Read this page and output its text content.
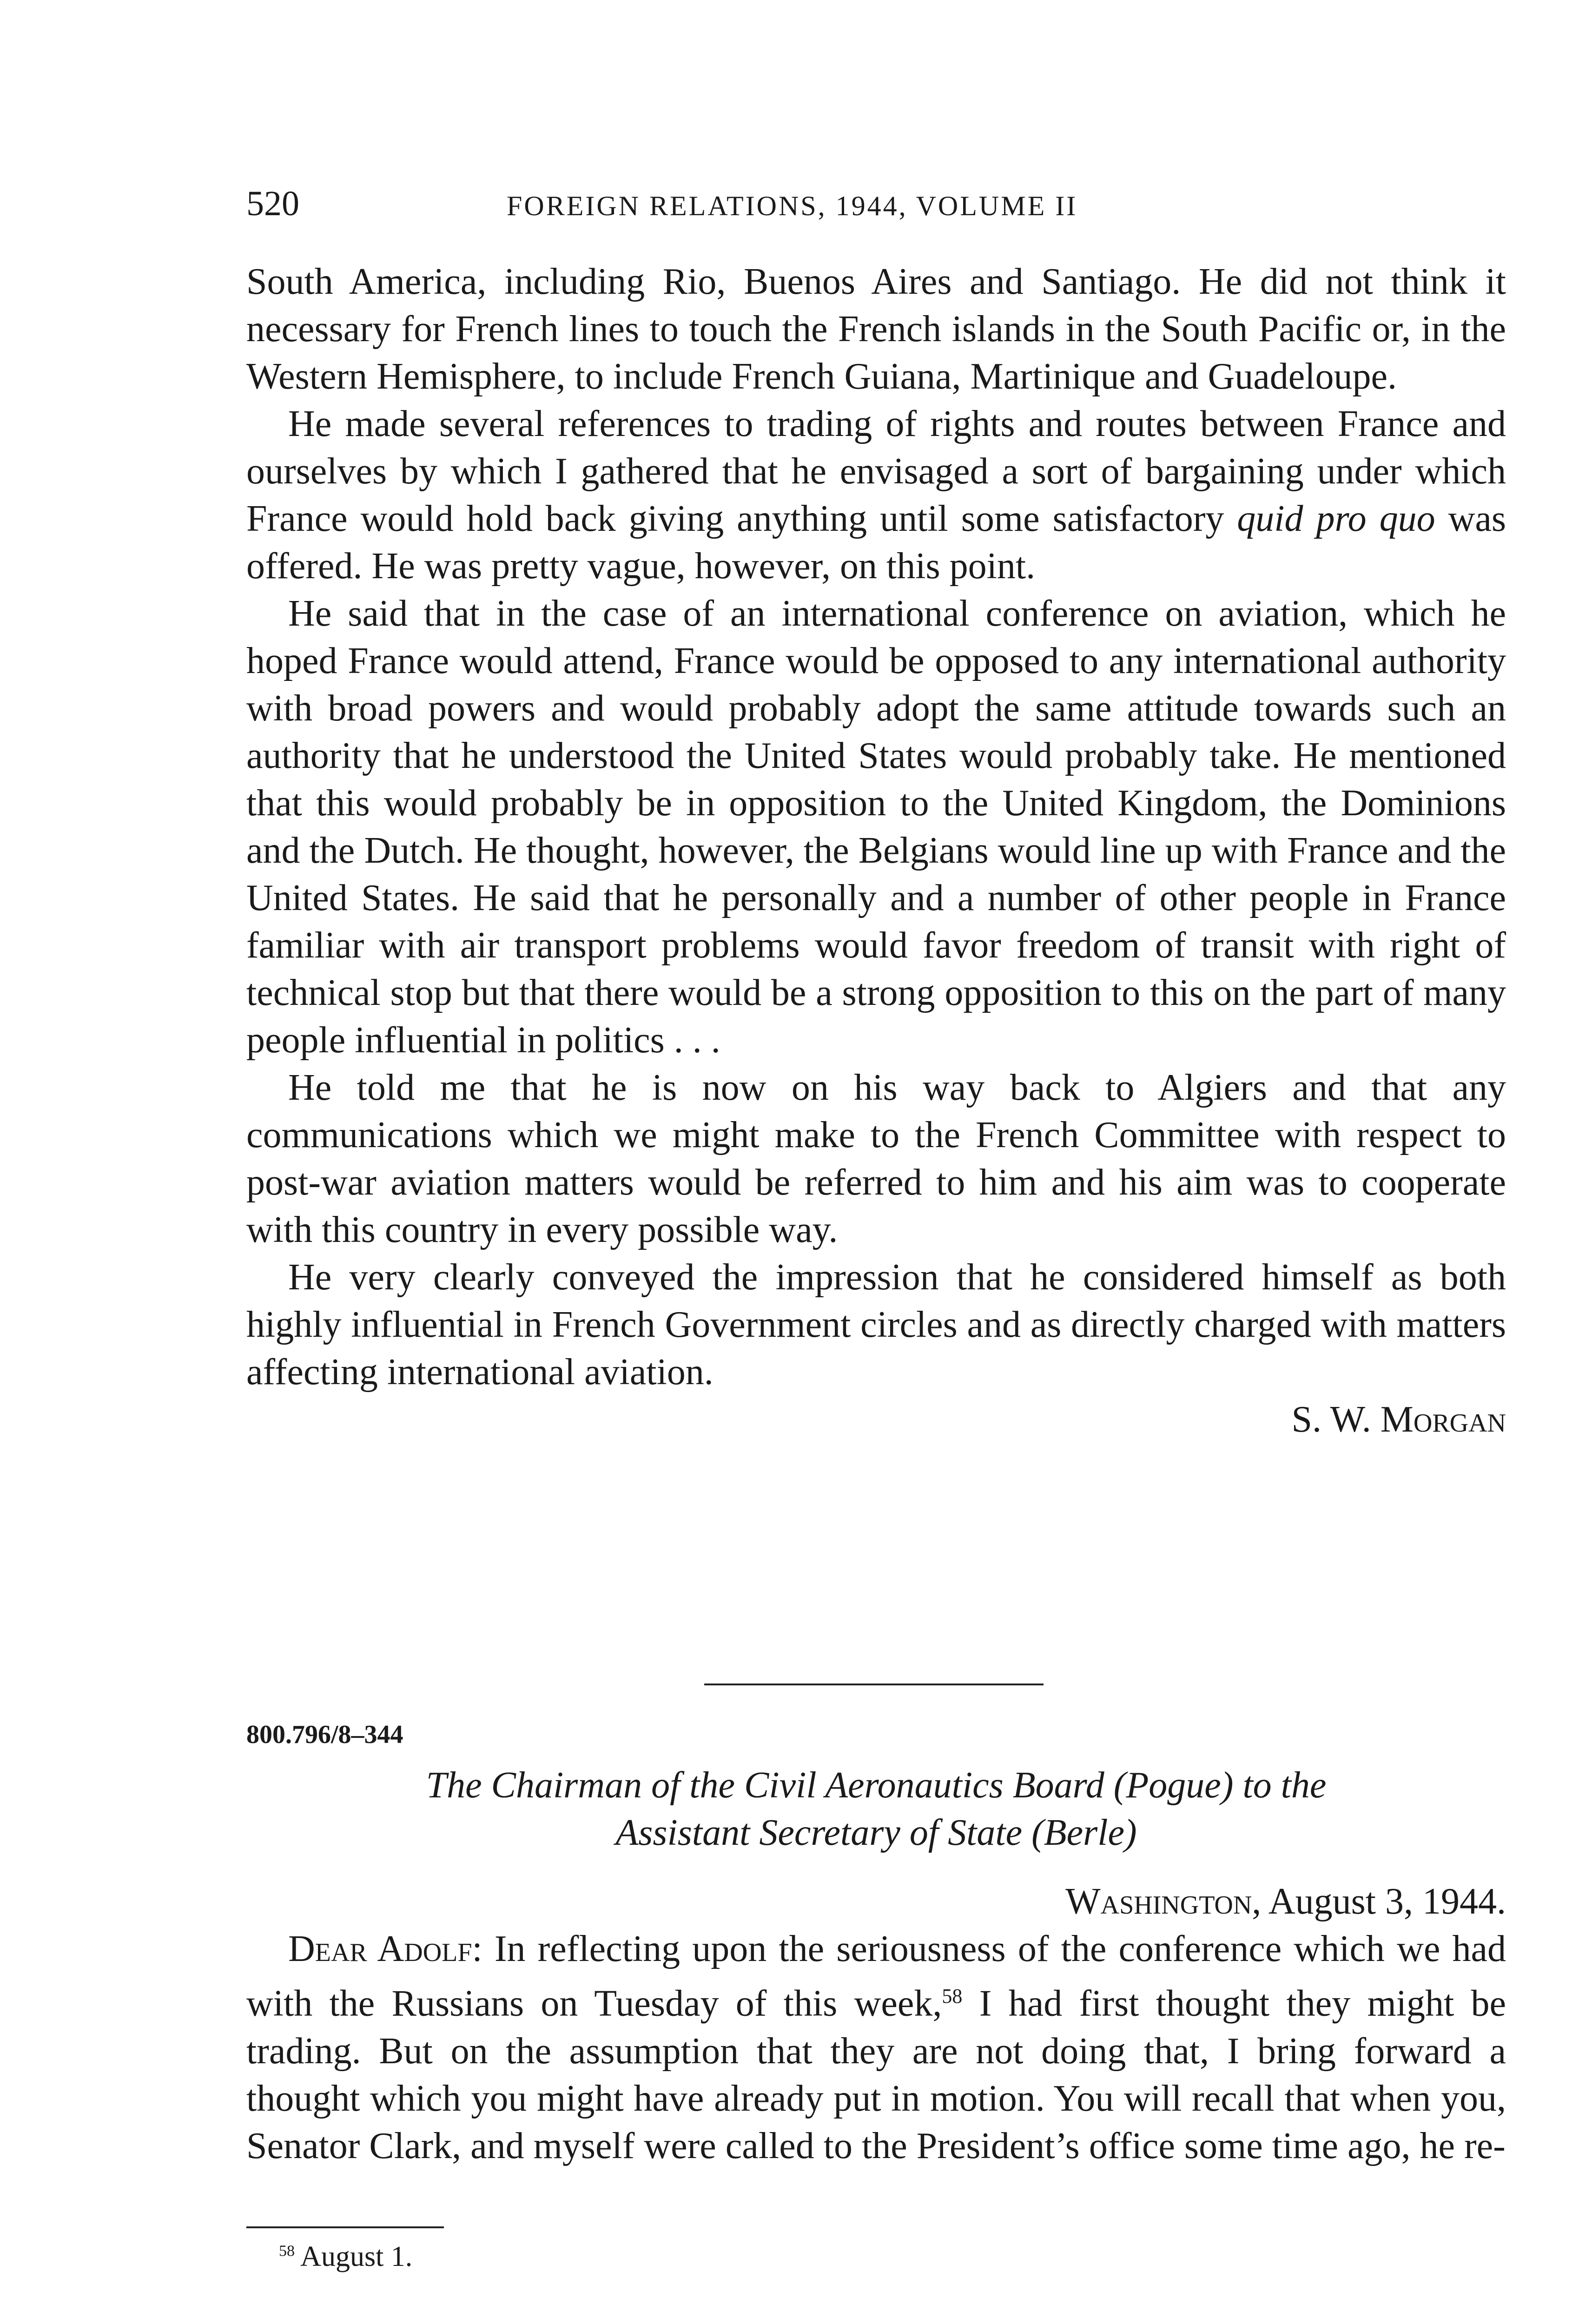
520	FOREIGN RELATIONS, 1944, VOLUME II

South America, including Rio, Buenos Aires and Santiago. He did not think it necessary for French lines to touch the French islands in the South Pacific or, in the Western Hemisphere, to include French Guiana, Martinique and Guadeloupe.

He made several references to trading of rights and routes between France and ourselves by which I gathered that he envisaged a sort of bargaining under which France would hold back giving anything until some satisfactory quid pro quo was offered. He was pretty vague, however, on this point.

He said that in the case of an international conference on aviation, which he hoped France would attend, France would be opposed to any international authority with broad powers and would probably adopt the same attitude towards such an authority that he understood the United States would probably take. He mentioned that this would probably be in opposition to the United Kingdom, the Dominions and the Dutch. He thought, however, the Belgians would line up with France and the United States. He said that he personally and a number of other people in France familiar with air transport problems would favor freedom of transit with right of technical stop but that there would be a strong opposition to this on the part of many people influential in politics . . .

He told me that he is now on his way back to Algiers and that any communications which we might make to the French Committee with respect to post-war aviation matters would be referred to him and his aim was to cooperate with this country in every possible way.

He very clearly conveyed the impression that he considered himself as both highly influential in French Government circles and as directly charged with matters affecting international aviation.

S. W. Morgan

800.796/8–344
The Chairman of the Civil Aeronautics Board (Pogue) to the
Assistant Secretary of State (Berle)
Washington, August 3, 1944.

Dear Adolf: In reflecting upon the seriousness of the conference which we had with the Russians on Tuesday of this week,$^{58}$ I had first thought they might be trading. But on the assumption that they are not doing that, I bring forward a thought which you might have already put in motion. You will recall that when you, Senator Clark, and myself were called to the President’s office some time ago, he re-

$^{58}$ August 1.
